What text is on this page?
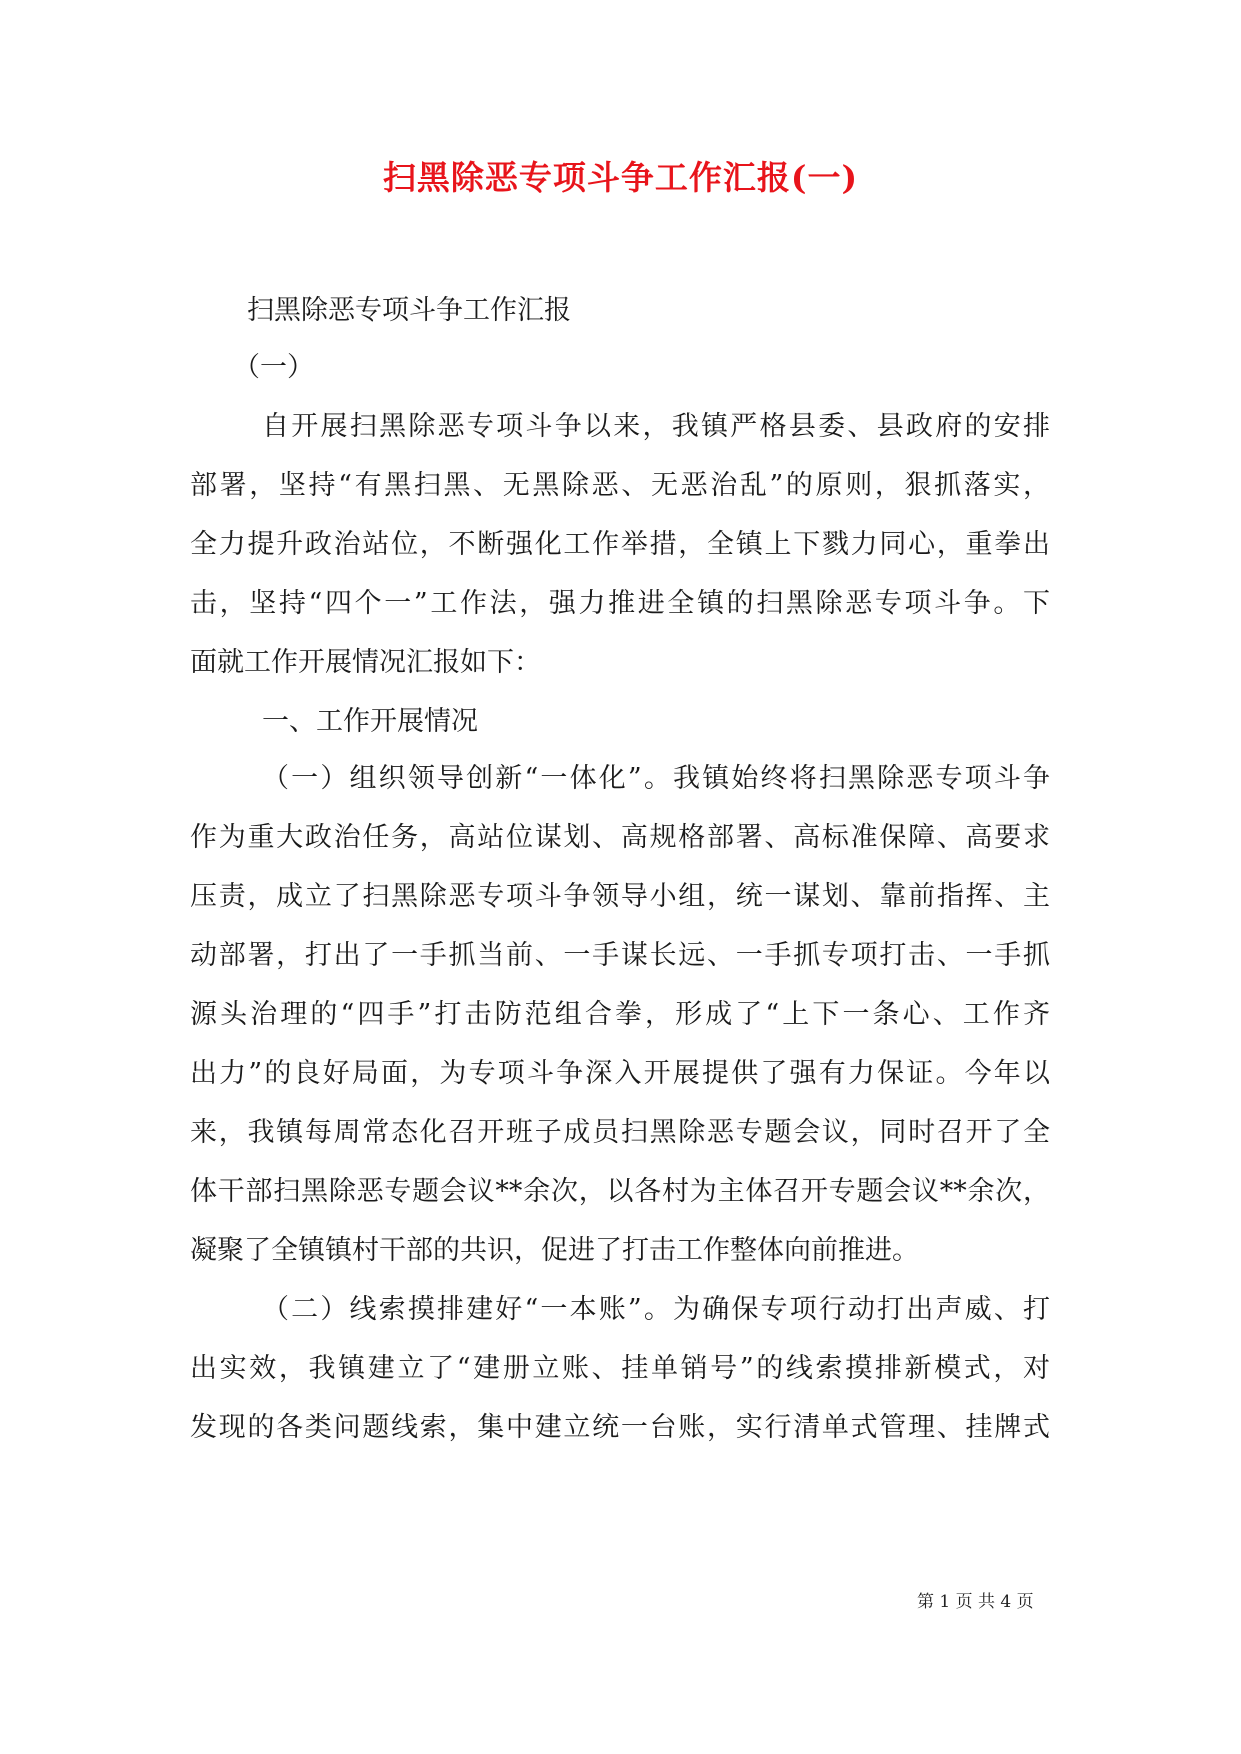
扫黑除恶专项斗争工作汇报(一)

扫黑除恶专项斗争工作汇报

（一）

自开展扫黑除恶专项斗争以来，我镇严格县委、县政府的安排

部署，坚持“有黑扫黑、无黑除恶、无恶治乱”的原则，狠抓落实，

全力提升政治站位，不断强化工作举措，全镇上下戮力同心，重拳出

击，坚持“四个一”工作法，强力推进全镇的扫黑除恶专项斗争。下

面就工作开展情况汇报如下：

一、工作开展情况

（一）组织领导创新“一体化”。我镇始终将扫黑除恶专项斗争

作为重大政治任务，高站位谋划、高规格部署、高标准保障、高要求

压责，成立了扫黑除恶专项斗争领导小组，统一谋划、靠前指挥、主

动部署，打出了一手抓当前、一手谋长远、一手抓专项打击、一手抓

源头治理的“四手”打击防范组合拳，形成了“上下一条心、工作齐

出力”的良好局面，为专项斗争深入开展提供了强有力保证。今年以

来，我镇每周常态化召开班子成员扫黑除恶专题会议，同时召开了全

体干部扫黑除恶专题会议**余次，以各村为主体召开专题会议**余次，

凝聚了全镇镇村干部的共识，促进了打击工作整体向前推进。

（二）线索摸排建好“一本账”。为确保专项行动打出声威、打

出实效，我镇建立了“建册立账、挂单销号”的线索摸排新模式，对

发现的各类问题线索，集中建立统一台账，实行清单式管理、挂牌式

第 1 页 共 4 页
